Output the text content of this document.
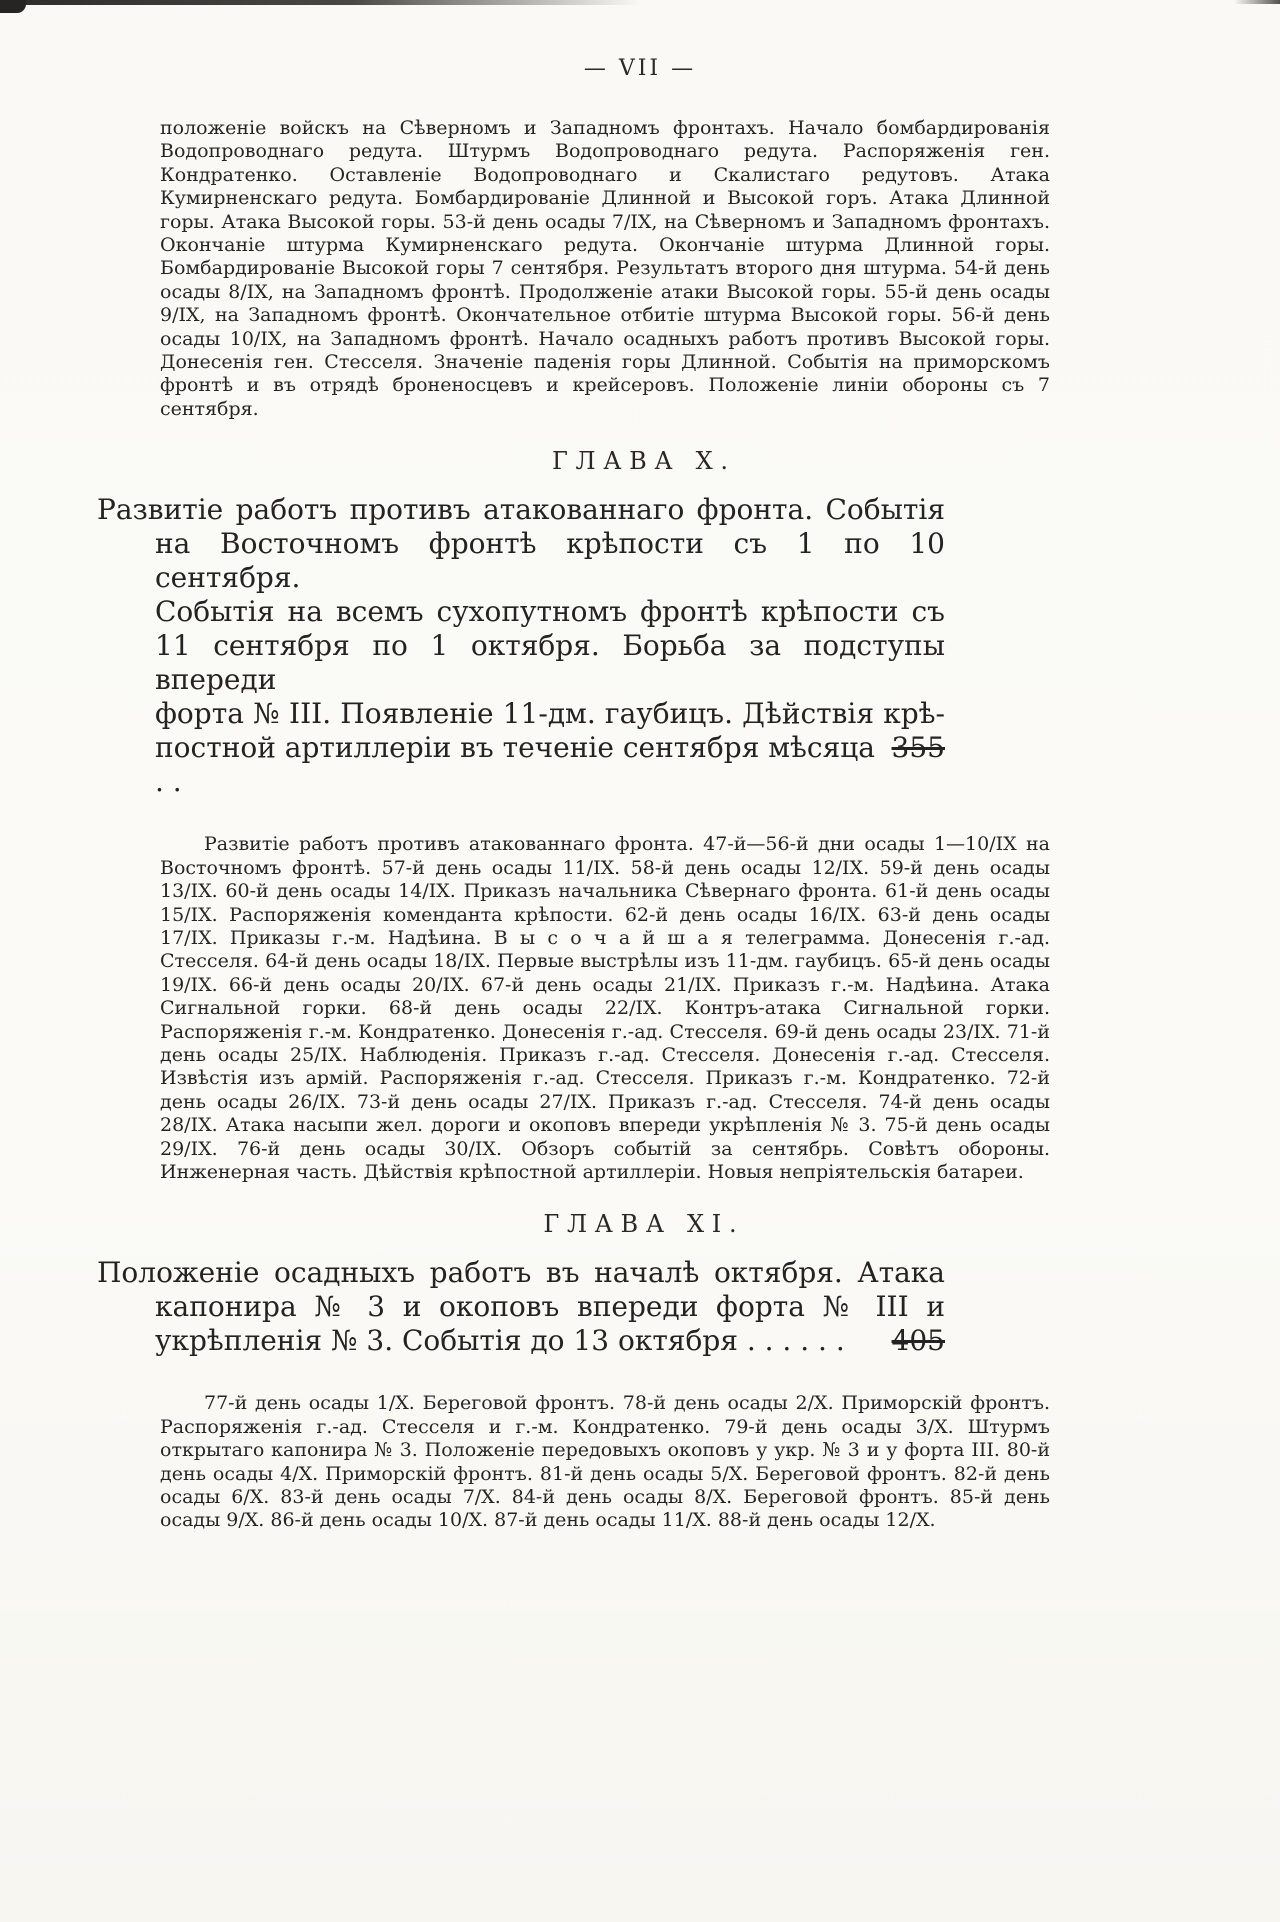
— VII —

положеніе войскъ на Сѣверномъ и Западномъ фронтахъ. Начало бомбардированія Водопроводнаго редута. Штурмъ Водопроводнаго редута. Распоряженія ген. Кондратенко. Оставленіе Водопроводнаго и Скалистаго редутовъ. Атака Кумирненскаго редута. Бомбардированіе Длинной и Высокой горъ. Атака Длинной горы. Атака Высокой горы. 53-й день осады 7/IX, на Сѣверномъ и Западномъ фронтахъ. Окончаніе штурма Кумирненскаго редута. Окончаніе штурма Длинной горы. Бомбардированіе Высокой горы 7 сентября. Результатъ второго дня штурма. 54-й день осады 8/IX, на Западномъ фронтѣ. Продолженіе атаки Высокой горы. 55-й день осады 9/IX, на Западномъ фронтѣ. Окончательное отбитіе штурма Высокой горы. 56-й день осады 10/IX, на Западномъ фронтѣ. Начало осадныхъ работъ противъ Высокой горы. Донесенія ген. Стесселя. Значеніе паденія горы Длинной. Событія на приморскомъ фронтѣ и въ отрядѣ броненосцевъ и крейсеровъ. Положеніе линіи обороны съ 7 сентября.

ГЛАВА X.
Развитіе работъ противъ атакованнаго фронта. Событія
на Восточномъ фронтѣ крѣпости съ 1 по 10 сентября.
Событія на всемъ сухопутномъ фронтѣ крѣпости съ
11 сентября по 1 октября. Борьба за подступы впереди
форта № III. Появленіе 11-дм. гаубицъ. Дѣйствія крѣ-
постной артиллеріи въ теченіе сентября мѣсяца . .
355

Развитіе работъ противъ атакованнаго фронта. 47-й—56-й дни осады 1—10/IX на Восточномъ фронтѣ. 57-й день осады 11/IX. 58-й день осады 12/IX. 59-й день осады 13/IX. 60-й день осады 14/IX. Приказъ начальника Сѣвернаго фронта. 61-й день осады 15/IX. Распоряженія коменданта крѣпости. 62-й день осады 16/IX. 63-й день осады 17/IX. Приказы г.-м. Надѣина. В ы с о ч а й ш а я телеграмма. Донесенія г.-ад. Стесселя. 64-й день осады 18/IX. Первые выстрѣлы изъ 11-дм. гаубицъ. 65-й день осады 19/IX. 66-й день осады 20/IX. 67-й день осады 21/IX. Приказъ г.-м. Надѣина. Атака Сигнальной горки. 68-й день осады 22/IX. Контръ-атака Сигнальной горки. Распоряженія г.-м. Кондратенко. Донесенія г.-ад. Стесселя. 69-й день осады 23/IX. 71-й день осады 25/IX. Наблюденія. Приказъ г.-ад. Стесселя. Донесенія г.-ад. Стесселя. Извѣстія изъ армій. Распоряженія г.-ад. Стесселя. Приказъ г.-м. Кондратенко. 72-й день осады 26/IX. 73-й день осады 27/IX. Приказъ г.-ад. Стесселя. 74-й день осады 28/IX. Атака насыпи жел. дороги и окоповъ впереди укрѣпленія № 3. 75-й день осады 29/IX. 76-й день осады 30/IX. Обзоръ событій за сентябрь. Совѣтъ обороны. Инженерная часть. Дѣйствія крѣпостной артиллеріи. Новыя непріятельскія батареи.

ГЛАВА XI.
Положеніе осадныхъ работъ въ началѣ октября. Атака
капонира № 3 и окоповъ впереди форта № III и
укрѣпленія № 3. Событія до 13 октября . . . . . . 405

77-й день осады 1/X. Береговой фронтъ. 78-й день осады 2/X. Приморскій фронтъ. Распоряженія г.-ад. Стесселя и г.-м. Кондратенко. 79-й день осады 3/X. Штурмъ открытаго капонира № 3. Положеніе передовыхъ окоповъ у укр. № 3 и у форта III. 80-й день осады 4/X. Приморскій фронтъ. 81-й день осады 5/X. Береговой фронтъ. 82-й день осады 6/X. 83-й день осады 7/X. 84-й день осады 8/X. Береговой фронтъ. 85-й день осады 9/X. 86-й день осады 10/X. 87-й день осады 11/X. 88-й день осады 12/X.
